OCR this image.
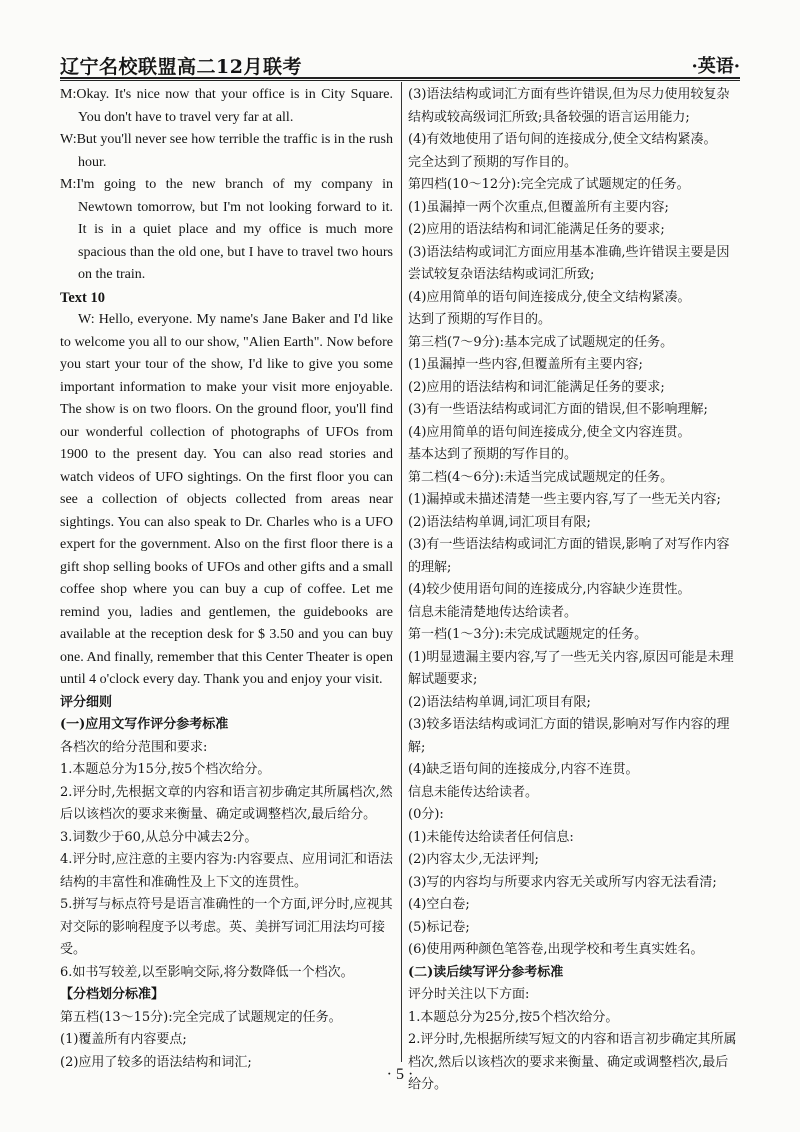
辽宁名校联盟高二12月联考	·英语·

M:Okay. It's nice now that your office is in City Square. You don't have to travel very far at all.

W:But you'll never see how terrible the traffic is in the rush hour.

M:I'm going to the new branch of my company in Newtown tomorrow, but I'm not looking forward to it. It is in a quiet place and my office is much more spacious than the old one, but I have to travel two hours on the train.

Text 10

W: Hello, everyone. My name's Jane Baker and I'd like to welcome you all to our show, "Alien Earth". Now before you start your tour of the show, I'd like to give you some important information to make your visit more enjoyable. The show is on two floors. On the ground floor, you'll find our wonderful collection of photographs of UFOs from 1900 to the present day. You can also read stories and watch videos of UFO sightings. On the first floor you can see a collection of objects collected from areas near sightings. You can also speak to Dr. Charles who is a UFO expert for the government. Also on the first floor there is a gift shop selling books of UFOs and other gifts and a small coffee shop where you can buy a cup of coffee. Let me remind you, ladies and gentlemen, the guidebooks are available at the reception desk for $ 3.50 and you can buy one. And finally, remember that this Center Theater is open until 4 o'clock every day. Thank you and enjoy your visit.

评分细则

(一)应用文写作评分参考标准

各档次的给分范围和要求:

1.本题总分为15分,按5个档次给分。

2.评分时,先根据文章的内容和语言初步确定其所属档次,然后以该档次的要求来衡量、确定或调整档次,最后给分。

3.词数少于60,从总分中减去2分。

4.评分时,应注意的主要内容为:内容要点、应用词汇和语法结构的丰富性和准确性及上下文的连贯性。

5.拼写与标点符号是语言准确性的一个方面,评分时,应视其对交际的影响程度予以考虑。英、美拼写词汇用法均可接受。

6.如书写较差,以至影响交际,将分数降低一个档次。

【分档划分标准】

第五档(13～15分):完全完成了试题规定的任务。

(1)覆盖所有内容要点;

(2)应用了较多的语法结构和词汇;

(3)语法结构或词汇方面有些许错误,但为尽力使用较复杂结构或较高级词汇所致;具备较强的语言运用能力;

(4)有效地使用了语句间的连接成分,使全文结构紧凑。

完全达到了预期的写作目的。

第四档(10～12分):完全完成了试题规定的任务。

(1)虽漏掉一两个次重点,但覆盖所有主要内容;

(2)应用的语法结构和词汇能满足任务的要求;

(3)语法结构或词汇方面应用基本准确,些许错误主要是因尝试较复杂语法结构或词汇所致;

(4)应用简单的语句间连接成分,使全文结构紧凑。

达到了预期的写作目的。

第三档(7～9分):基本完成了试题规定的任务。

(1)虽漏掉一些内容,但覆盖所有主要内容;

(2)应用的语法结构和词汇能满足任务的要求;

(3)有一些语法结构或词汇方面的错误,但不影响理解;

(4)应用简单的语句间连接成分,使全文内容连贯。

基本达到了预期的写作目的。

第二档(4～6分):未适当完成试题规定的任务。

(1)漏掉或未描述清楚一些主要内容,写了一些无关内容;

(2)语法结构单调,词汇项目有限;

(3)有一些语法结构或词汇方面的错误,影响了对写作内容的理解;

(4)较少使用语句间的连接成分,内容缺少连贯性。

信息未能清楚地传达给读者。

第一档(1～3分):未完成试题规定的任务。

(1)明显遗漏主要内容,写了一些无关内容,原因可能是未理解试题要求;

(2)语法结构单调,词汇项目有限;

(3)较多语法结构或词汇方面的错误,影响对写作内容的理解;

(4)缺乏语句间的连接成分,内容不连贯。

信息未能传达给读者。

(0分):

(1)未能传达给读者任何信息:

(2)内容太少,无法评判;

(3)写的内容均与所要求内容无关或所写内容无法看清;

(4)空白卷;

(5)标记卷;

(6)使用两种颜色笔答卷,出现学校和考生真实姓名。

(二)读后续写评分参考标准

评分时关注以下方面:

1.本题总分为25分,按5个档次给分。

2.评分时,先根据所续写短文的内容和语言初步确定其所属档次,然后以该档次的要求来衡量、确定或调整档次,最后给分。

· 5 ·
